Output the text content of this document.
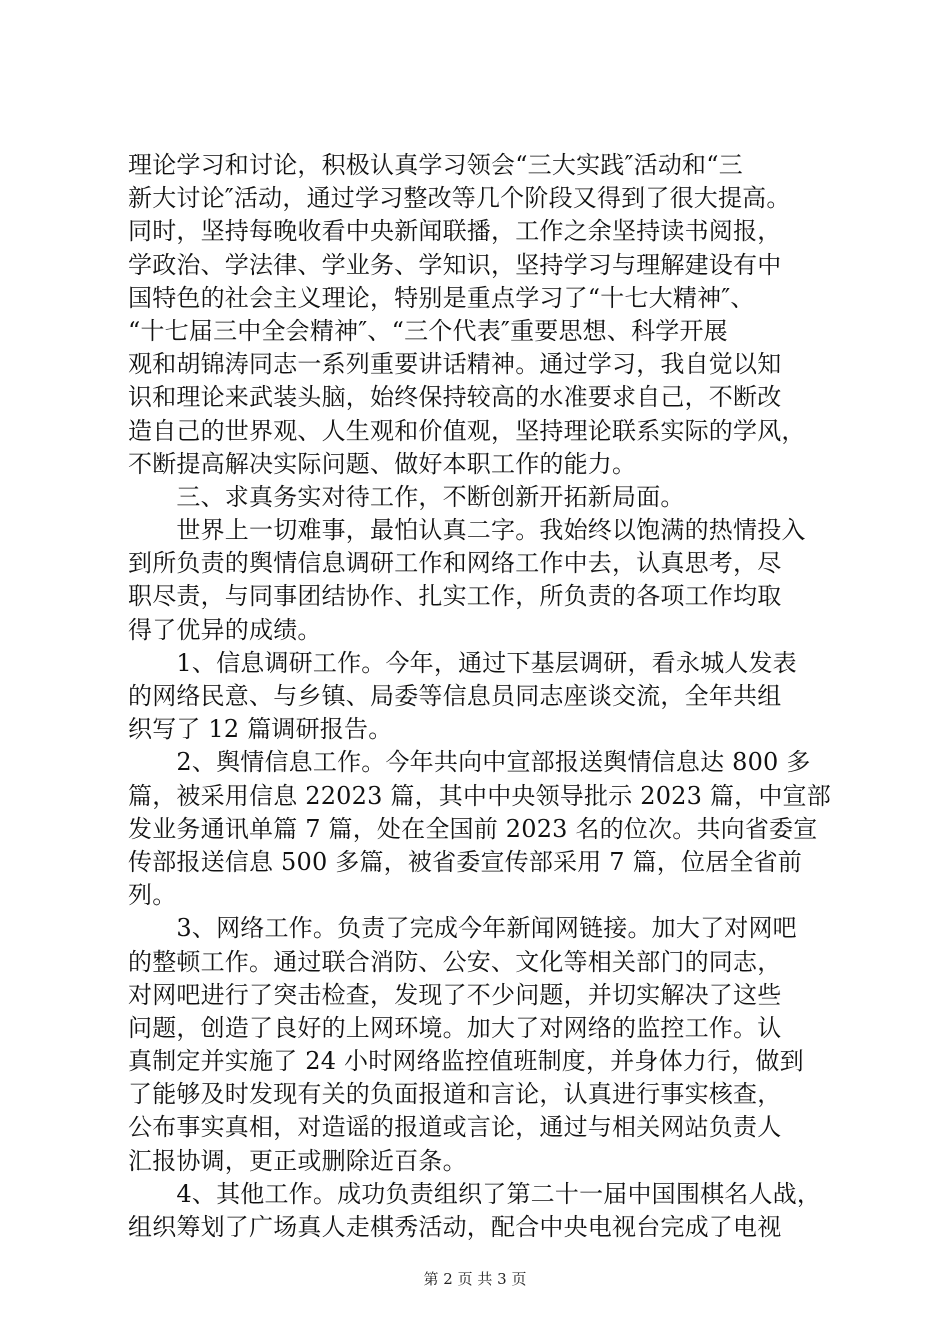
理论学习和讨论，积极认真学习领会“三大实践″活动和“三
新大讨论″活动，通过学习整改等几个阶段又得到了很大提高。
同时，坚持每晚收看中央新闻联播，工作之余坚持读书阅报，
学政治、学法律、学业务、学知识，坚持学习与理解建设有中
国特色的社会主义理论，特别是重点学习了“十七大精神″、
“十七届三中全会精神″、“三个代表″重要思想、科学开展
观和胡锦涛同志一系列重要讲话精神。通过学习，我自觉以知
识和理论来武装头脑，始终保持较高的水准要求自己，不断改
造自己的世界观、人生观和价值观，坚持理论联系实际的学风，
不断提高解决实际问题、做好本职工作的能力。
　　三、求真务实对待工作，不断创新开拓新局面。
　　世界上一切难事，最怕认真二字。我始终以饱满的热情投入
到所负责的舆情信息调研工作和网络工作中去，认真思考，尽
职尽责，与同事团结协作、扎实工作，所负责的各项工作均取
得了优异的成绩。
　　1、信息调研工作。今年，通过下基层调研，看永城人发表
的网络民意、与乡镇、局委等信息员同志座谈交流，全年共组
织写了 12 篇调研报告。
　　2、舆情信息工作。今年共向中宣部报送舆情信息达 800 多
篇，被采用信息 22023 篇，其中中央领导批示 2023 篇，中宣部
发业务通讯单篇 7 篇，处在全国前 2023 名的位次。共向省委宣
传部报送信息 500 多篇，被省委宣传部采用 7 篇，位居全省前
列。
　　3、网络工作。负责了完成今年新闻网链接。加大了对网吧
的整顿工作。通过联合消防、公安、文化等相关部门的同志，
对网吧进行了突击检查，发现了不少问题，并切实解决了这些
问题，创造了良好的上网环境。加大了对网络的监控工作。认
真制定并实施了 24 小时网络监控值班制度，并身体力行，做到
了能够及时发现有关的负面报道和言论，认真进行事实核查，
公布事实真相，对造谣的报道或言论，通过与相关网站负责人
汇报协调，更正或删除近百条。
　　4、其他工作。成功负责组织了第二十一届中国围棋名人战，
组织筹划了广场真人走棋秀活动，配合中央电视台完成了电视
第 2 页 共 3 页
